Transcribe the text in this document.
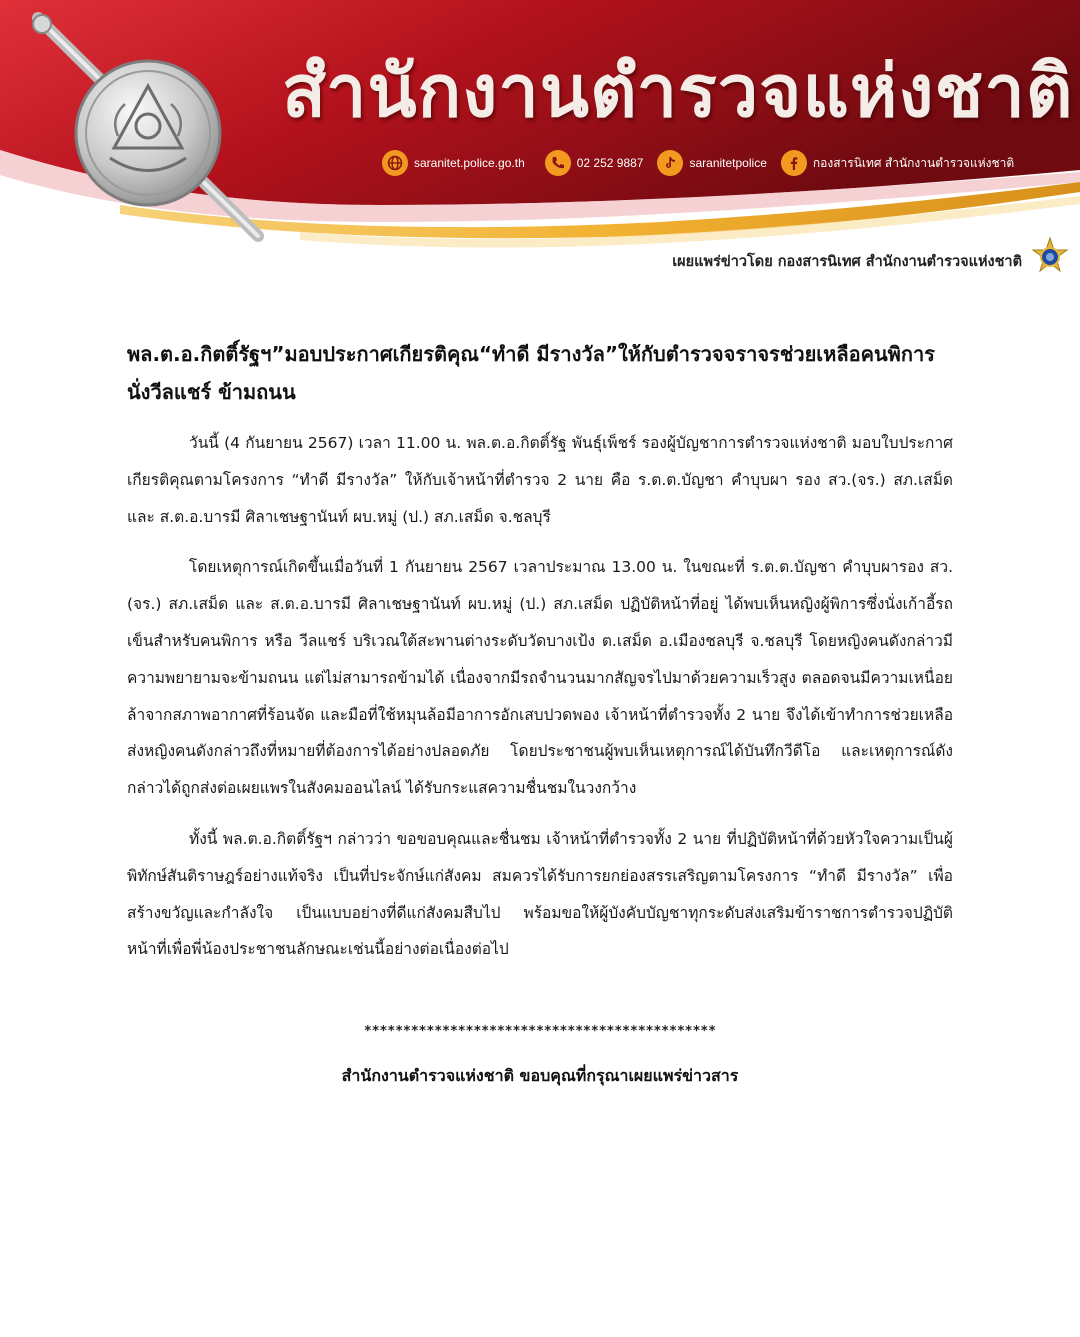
สำนักงานตำรวจแห่งชาติ
saranitet.police.go.th	02 252 9887	saranitetpolice	กองสารนิเทศ สำนักงานตำรวจแห่งชาติ
เผยแพร่ข่าวโดย กองสารนิเทศ สำนักงานตำรวจแห่งชาติ
พล.ต.อ.กิตติ์รัฐฯ”มอบประกาศเกียรติคุณ“ทำดี มีรางวัล”ให้กับตำรวจจราจรช่วยเหลือคนพิการนั่งวีลแชร์ ข้ามถนน

วันนี้ (4 กันยายน 2567) เวลา 11.00 น. พล.ต.อ.กิตติ์รัฐ พันธุ์เพ็ชร์ รองผู้บัญชาการตำรวจแห่งชาติ มอบใบประกาศเกียรติคุณตามโครงการ “ทำดี มีรางวัล” ให้กับเจ้าหน้าที่ตำรวจ 2 นาย คือ ร.ต.ต.บัญชา คำบุบผา รอง สว.(จร.) สภ.เสม็ด และ ส.ต.อ.บารมี ศิลาเชษฐานันท์ ผบ.หมู่ (ป.) สภ.เสม็ด จ.ชลบุรี

โดยเหตุการณ์เกิดขึ้นเมื่อวันที่ 1 กันยายน 2567 เวลาประมาณ 13.00 น. ในขณะที่ ร.ต.ต.บัญชา คำบุบผารอง สว.(จร.) สภ.เสม็ด และ ส.ต.อ.บารมี ศิลาเชษฐานันท์ ผบ.หมู่ (ป.) สภ.เสม็ด ปฏิบัติหน้าที่อยู่ ได้พบเห็นหญิงผู้พิการซึ่งนั่งเก้าอี้รถเข็นสำหรับคนพิการ หรือ วีลแชร์ บริเวณใต้สะพานต่างระดับวัดบางเป้ง ต.เสม็ด อ.เมืองชลบุรี จ.ชลบุรี โดยหญิงคนดังกล่าวมีความพยายามจะข้ามถนน แต่ไม่สามารถข้ามได้ เนื่องจากมีรถจำนวนมากสัญจรไปมาด้วยความเร็วสูง ตลอดจนมีความเหนื่อยล้าจากสภาพอากาศที่ร้อนจัด และมือที่ใช้หมุนล้อมีอาการอักเสบปวดพอง เจ้าหน้าที่ตำรวจทั้ง 2 นาย จึงได้เข้าทำการช่วยเหลือ ส่งหญิงคนดังกล่าวถึงที่หมายที่ต้องการได้อย่างปลอดภัย โดยประชาชนผู้พบเห็นเหตุการณ์ได้บันทึกวีดีโอ และเหตุการณ์ดังกล่าวได้ถูกส่งต่อเผยแพรในสังคมออนไลน์ ได้รับกระแสความชื่นชมในวงกว้าง

ทั้งนี้ พล.ต.อ.กิตติ์รัฐฯ กล่าวว่า ขอขอบคุณและชื่นชม เจ้าหน้าที่ตำรวจทั้ง 2 นาย ที่ปฏิบัติหน้าที่ด้วยหัวใจความเป็นผู้พิทักษ์สันติราษฎร์อย่างแท้จริง เป็นที่ประจักษ์แก่สังคม สมควรได้รับการยกย่องสรรเสริญตามโครงการ “ทำดี มีรางวัล” เพื่อสร้างขวัญและกำลังใจ เป็นแบบอย่างที่ดีแก่สังคมสืบไป พร้อมขอให้ผู้บังคับบัญชาทุกระดับส่งเสริมข้าราชการตำรวจปฏิบัติหน้าที่เพื่อพี่น้องประชาชนลักษณะเช่นนี้อย่างต่อเนื่องต่อไป

*********************************************
สำนักงานตำรวจแห่งชาติ ขอบคุณที่กรุณาเผยแพร่ข่าวสาร
